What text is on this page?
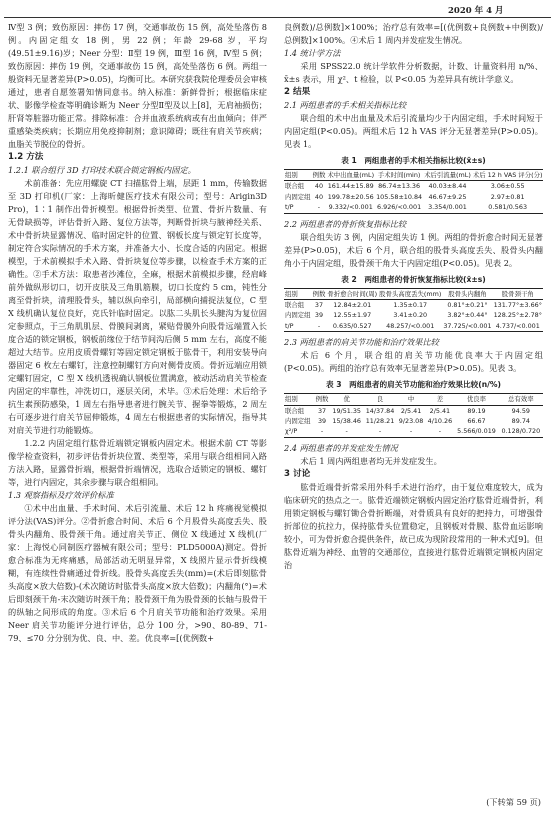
2020 年 4 月

Ⅳ型 3 例；致伤原因：摔伤 17 例，交通事故伤 15 例，高处坠落伤 8 例。内固定组女 18 例，男 22 例；年龄 29-68 岁，平均(49.51±9.16)岁；Neer 分型：Ⅱ型 19 例，Ⅲ型 16 例，Ⅳ型 5 例；致伤原因：摔伤 19 例，交通事故伤 15 例，高处坠落伤 6 例。两组一般资料无显著差异(P>0.05)，均衡可比。本研究获我院伦理委员会审核通过，患者自愿签署知情同意书。纳入标准：新鲜骨折；根据临床症状、影像学检查等明确诊断为 Neer 分型Ⅱ型及以上[8]，无肩袖损伤；肝肾等脏器功能正常。排除标准：合并血液系统病或有出血倾向；伴严重感染类疾病；长期应用免疫抑制剂；意识障碍；既往有肩关节疾病；血脂关节脱位的骨折。

1.2 方法

1.2.1 联合组行 3D 打印技术联合锁定钢板内固定。

术前准备：先应用螺旋 CT 扫描肱骨上端，层距 1 mm，传输数据至 3D 打印机(厂家：上海昕健医疗技术有限公司；型号：Arigin3D Pro)，1∶1 制作出骨折模型。根据骨折类型、位置、骨折片数量、有无骨缺损等，评估骨折入路、复位方法等，判断骨折块与腋神经关系、术中骨折块显露情况、临时固定针的位置、钢板长度与锁定钉长度等，制定符合实际情况的手术方案，并准备大小、长度合适的内固定。根据模型，于术前模拟手术入路、骨折块复位等步骤，以检查手术方案的正确性。②手术方法：取患者沙滩位，全麻，根据术前模拟步骤，经肩峰前外做纵形切口，切开皮肤及三角肌筋膜，切口长度约 5 cm，钝性分离至骨折块，清理股骨头，辅以纵向牵引，局部横向捕捉法复位，C 型 X 线机确认复位良好，克氏针临时固定。以肱二头肌长头腱沟为复位固定参照点，于三角肌肌层、骨膜间剥离，紧贴骨膜外向股骨远端置入长度合适的锁定钢板，钢板前缘位于结节间沟后侧 5 mm 左右，高度不能超过大结节。应用皮质骨螺钉等固定锁定钢板于肱骨干，利用安装导向器固定 6 枚左右螺钉，注意控制螺钉方向对侧骨皮质。骨折远端应用锁定螺钉固定，C 型 X 线机透视确认钢板位置满意，被动活动肩关节检查内固定的牢靠性，冲洗切口，逐层关闭，术毕。③术后处理：术后给予抗生素预防感染，1 周左右指导患者进行腕关节、握拳等锻炼，2 周左右可逐步进行肩关节屈伸锻炼，4 周左右根据患者的实际情况，指导其对肩关节进行功能锻炼。

1.2.2 内固定组行肱骨近端锁定钢板内固定术。根据术前 CT 等影像学检查资料，初步评估骨折块位置、类型等，采用与联合组相同入路方法入路，显露骨折端，根据骨折端情况，选取合适锁定的钢板、螺钉等，进行内固定，其余步骤与联合组相同。

1.3 观察指标及疗效评价标准

①术中出血量、手术时间、术后引流量、术后 12 h 疼痛视觉模拟评分法(VAS)评分。②骨折愈合时间、术后 6 个月股骨头高度丢失、股骨头内翻角、股骨颈干角。通过肩关节正、侧位 X 线通过 X 线机(厂家：上海悦心同制医疗器械有限公司；型号：PLD5000A)测定。骨折愈合标准为无疼痛感，局部活动无明显异常，X 线照片显示骨折线模糊，有连续性骨痛通过骨折线。股骨头高度丢失(mm)=(术后即刻肱骨头高度×放大倍数)-(术次随访时肱骨头高度×放大倍数)；内翻角(°)=术后即刻颈干角-末次随访时颈干角；股骨颈干角为股骨颈的长轴与股骨干的纵轴之间形成的角度。③术后 6 个月肩关节功能和治疗效果。采用 Neer 肩关节功能评分进行评估，总分 100 分，>90、80-89、71-79、≤70 分分别为优、良、中、差。优良率=[(优例数+

良例数)/总例数]×100%；治疗总有效率=[(优例数+良例数+中例数)/总例数]×100%。④术后 1 周内并发症发生情况。

1.4 统计学方法

采用 SPSS22.0 统计学软件分析数据，计数、计量资料用 n/%、x̄±s 表示，用 χ²、t 检验，以 P<0.05 为差异具有统计学意义。

2 结果

2.1 两组患者的手术相关指标比较

联合组的术中出血量及术后引流量均少于内固定组，手术时间短于内固定组(P<0.05)。两组术后 12 h VAS 评分无显著差异(P>0.05)。见表 1。

表 1　两组患者的手术相关指标比较(x̄±s)
组别	例数	术中出血量(mL)	手术时间(min)	术后引流量(mL)	术后 12 h VAS 评分(分)
联合组	40	161.44±15.89	86.74±13.36	40.03±8.44	3.06±0.55
内固定组	40	199.78±20.56	105.58±10.84	46.67±9.25	2.97±0.81
t/P	-	9.332/<0.001	6.926/<0.001	3.354/0.001	0.581/0.563

2.2 两组患者的骨折恢复指标比较

联合组失访 3 例，内固定组失访 1 例。两组的骨折愈合时间无显著差异(P>0.05)，术后 6 个月，联合组的股骨头高度丢失、股骨头内翻角小于内固定组，股骨颈干角大于内固定组(P<0.05)。见表 2。

表 2　两组患者的骨折恢复指标比较(x̄±s)
组别	例数	骨折愈合时间(周)	股骨头高度丢失(mm)	股骨头内翻角	股骨颈干角
联合组	37	12.84±2.01	1.35±0.17	0.81°±0.21°	131.77°±3.66°
内固定组	39	12.55±1.97	3.41±0.20	3.82°±0.44°	128.25°±2.78°
t/P	-	0.635/0.527	48.257/<0.001	37.725/<0.001	4.737/<0.001

2.3 两组患者的肩关节功能和治疗效果比较

术后 6 个月，联合组的肩关节功能优良率大于内固定组(P<0.05)。两组的治疗总有效率无显著差异(P>0.05)。见表 3。

表 3　两组患者的肩关节功能和治疗效果比较(n/%)
组别	例数	优	良	中	差	优良率	总有效率
联合组	37	19/51.35	14/37.84	2/5.41	2/5.41	89.19	94.59
内固定组	39	15/38.46	11/28.21	9/23.08	4/10.26	66.67	89.74
χ²/P	-	-	-	-	-	5.566/0.019	0.128/0.720

2.4 两组患者的并发症发生情况

术后 1 周内两组患者均无并发症发生。

3 讨论

肱骨近端骨折常采用外科手术进行治疗，由于复位难度较大，成为临床研究的热点之一。肱骨近端锁定钢板内固定治疗肱骨近端骨折，利用锁定钢板与螺钉锄合骨折断端，对骨质具有良好的把持力，可增强骨折部位的抗拉力，保持肱骨头位置稳定，且钢板对骨膜、肱骨血运影响较小，可为骨折愈合提供条件，故已成为现阶段常用的一种术式[9]。但肱骨近端为神经、血管的交通部位，直接进行肱骨近端锁定钢板内固定治

(下转第 59 页)
